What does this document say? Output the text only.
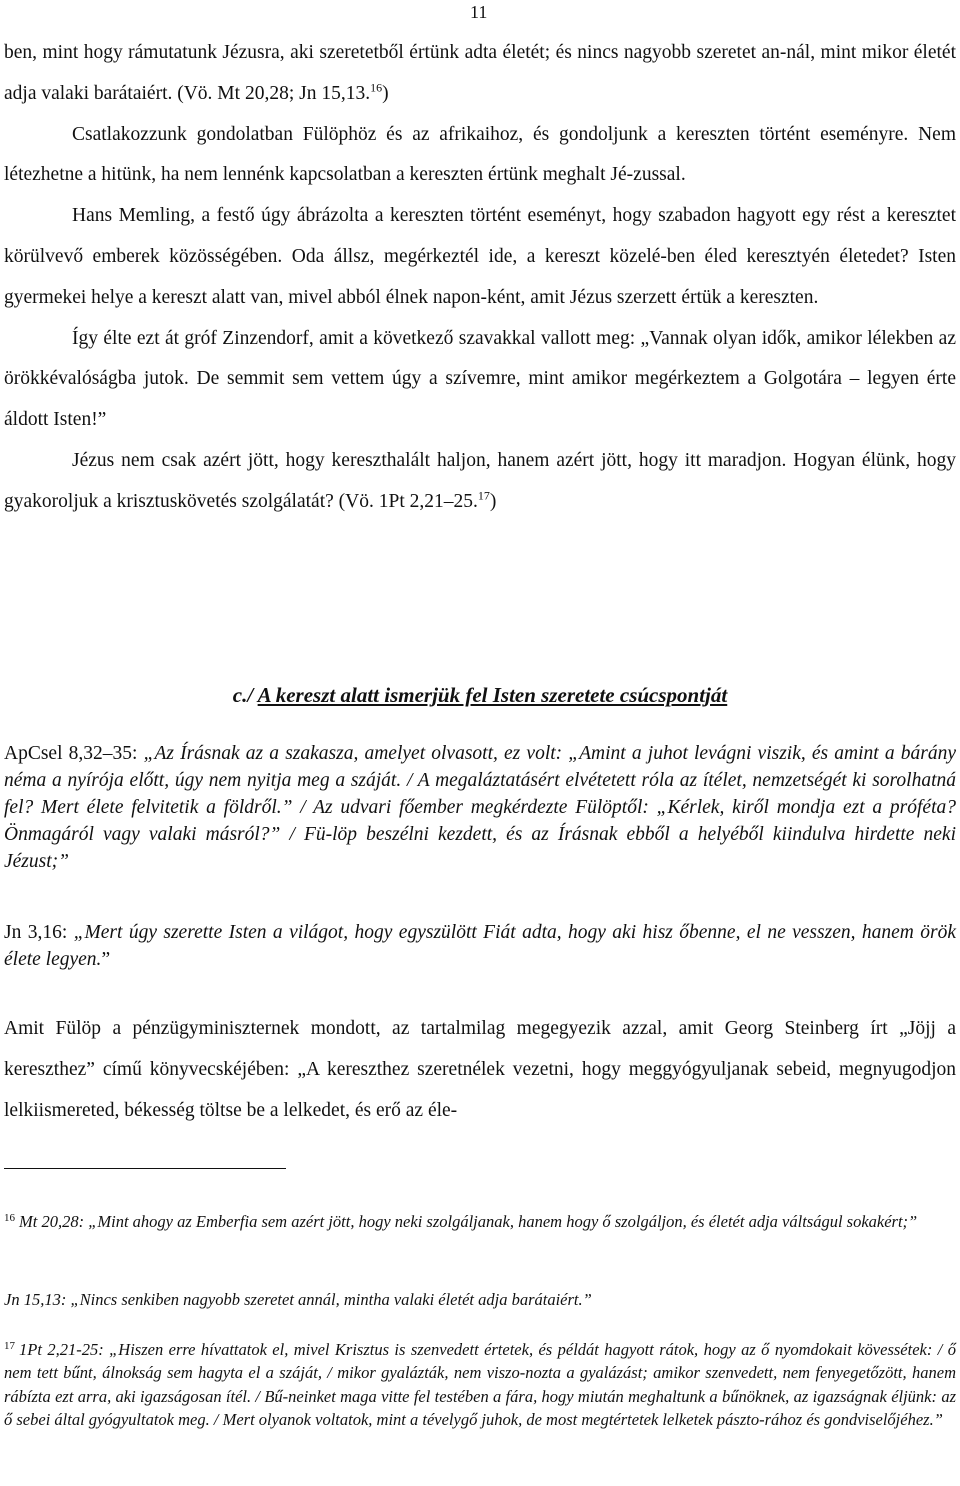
11

ben, mint hogy rámutatunk Jézusra, aki szeretetből értünk adta életét; és nincs nagyobb szeretet an-nál, mint mikor életét adja valaki barátaiért. (Vö. Mt 20,28; Jn 15,13.16)

Csatlakozzunk gondolatban Fülöphöz és az afrikaihoz, és gondoljunk a kereszten történt eseményre. Nem létezhetne a hitünk, ha nem lennénk kapcsolatban a kereszten értünk meghalt Jé-zussal.

Hans Memling, a festő úgy ábrázolta a kereszten történt eseményt, hogy szabadon hagyott egy rést a keresztet körülvevő emberek közösségében. Oda állsz, megérkeztél ide, a kereszt közelé-ben éled keresztyén életedet? Isten gyermekei helye a kereszt alatt van, mivel abból élnek napon-ként, amit Jézus szerzett értük a kereszten.

Így élte ezt át gróf Zinzendorf, amit a következő szavakkal vallott meg: „Vannak olyan idők, amikor lélekben az örökkévalóságba jutok. De semmit sem vettem úgy a szívemre, mint amikor megérkeztem a Golgotára – legyen érte áldott Isten!”

Jézus nem csak azért jött, hogy kereszthalált haljon, hanem azért jött, hogy itt maradjon. Hogyan élünk, hogy gyakoroljuk a krisztuskövetés szolgálatát? (Vö. 1Pt 2,21–25.17)

c./ A kereszt alatt ismerjük fel Isten szeretete csúcspontját

ApCsel 8,32–35: „Az Írásnak az a szakasza, amelyet olvasott, ez volt: „Amint a juhot levágni viszik, és amint a bárány néma a nyírója előtt, úgy nem nyitja meg a száját. / A megaláztatásért elvétetett róla az ítélet, nemzetségét ki sorolhatná fel? Mert élete felvitetik a földről.” / Az udvari főember megkérdezte Fülöptől: „Kérlek, kiről mondja ezt a próféta? Önmagáról vagy valaki másról?” / Fü-löp beszélni kezdett, és az Írásnak ebből a helyéből kiindulva hirdette neki Jézust;”

Jn 3,16: „Mert úgy szerette Isten a világot, hogy egyszülött Fiát adta, hogy aki hisz őbenne, el ne vesszen, hanem örök élete legyen.”

Amit Fülöp a pénzügyminiszternek mondott, az tartalmilag megegyezik azzal, amit Georg Steinberg írt „Jöjj a kereszthez” című könyvecskéjében: „A kereszthez szeretnélek vezetni, hogy meggyógyuljanak sebeid, megnyugodjon lelkiismereted, békesség töltse be a lelkedet, és erő az éle-

$^{16}$ Mt 20,28: „Mint ahogy az Emberfia sem azért jött, hogy neki szolgáljanak, hanem hogy ő szolgáljon, és életét adja váltságul sokakért;”

Jn 15,13: „Nincs senkiben nagyobb szeretet annál, mintha valaki életét adja barátaiért.”

$^{17}$ 1Pt 2,21-25: „Hiszen erre hívattatok el, mivel Krisztus is szenvedett értetek, és példát hagyott rátok, hogy az ő nyomdokait kövessétek: / ő nem tett bűnt, álnokság sem hagyta el a száját, / mikor gyalázták, nem viszo-nozta a gyalázást; amikor szenvedett, nem fenyegetőzött, hanem rábízta ezt arra, aki igazságosan ítél. / Bű-neinket maga vitte fel testében a fára, hogy miután meghaltunk a bűnöknek, az igazságnak éljünk: az ő sebei által gyógyultatok meg. / Mert olyanok voltatok, mint a tévelygő juhok, de most megtértetek lelketek pászto-rához és gondviselőjéhez.”
